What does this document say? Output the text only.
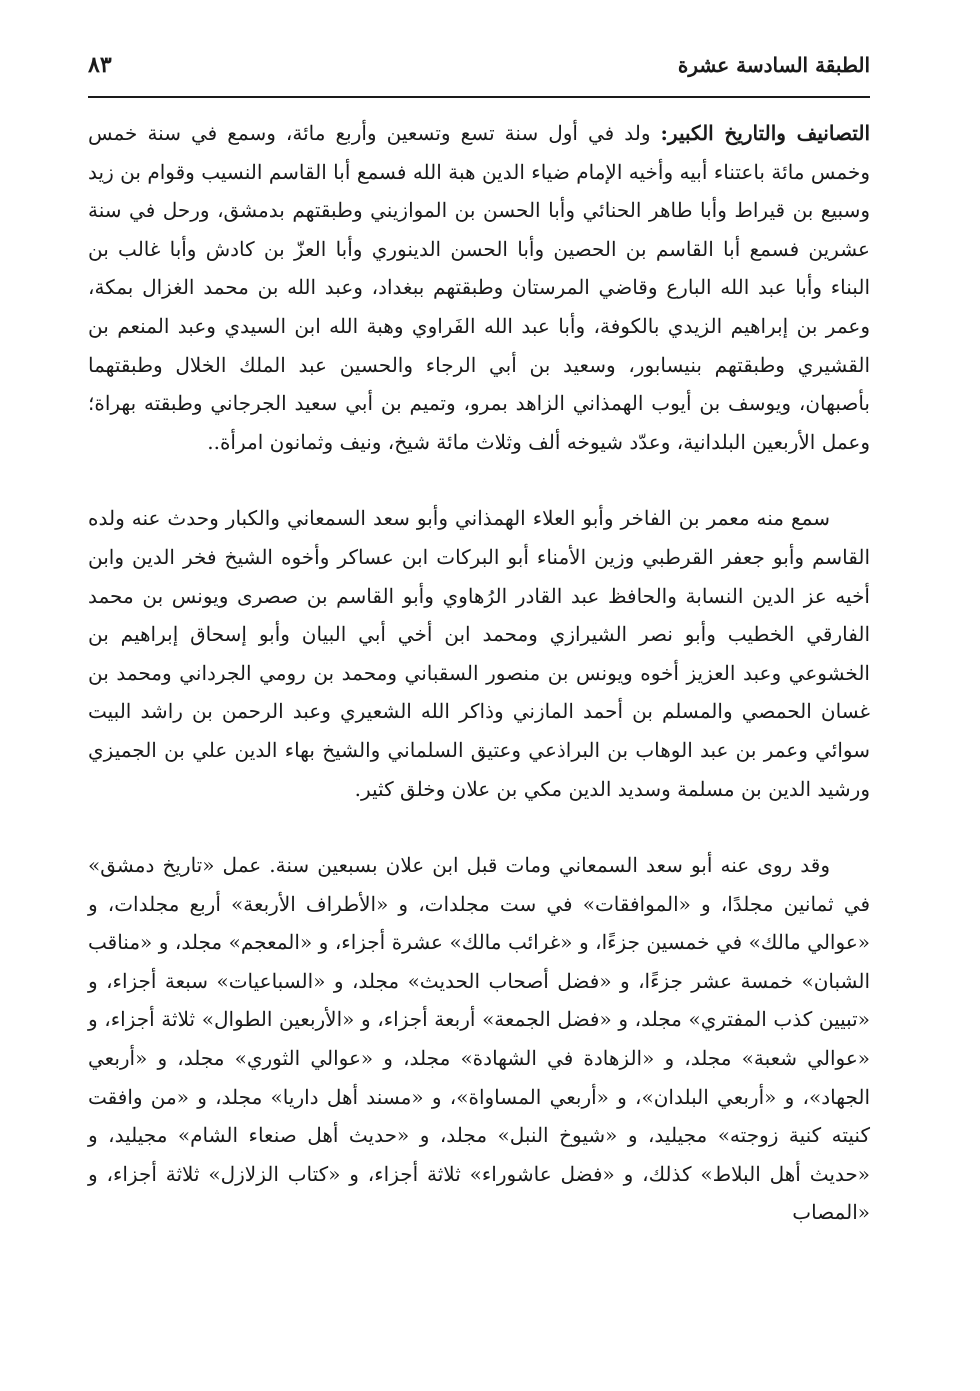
الطبقة السادسة عشرة
٨٣

التصانيف والتاريخ الكبير: ولد في أول سنة تسع وتسعين وأربع مائة، وسمع في سنة خمس وخمس مائة باعتناء أبيه وأخيه الإمام ضياء الدين هبة الله فسمع أبا القاسم النسيب وقوام بن زيد وسبيع بن قيراط وأبا طاهر الحنائي وأبا الحسن بن الموازيني وطبقتهم بدمشق، ورحل في سنة عشرين فسمع أبا القاسم بن الحصين وأبا الحسن الدينوري وأبا العزّ بن كادش وأبا غالب بن البناء وأبا عبد الله البارع وقاضي المرستان وطبقتهم ببغداد، وعبد الله بن محمد الغزال بمكة، وعمر بن إبراهيم الزيدي بالكوفة، وأبا عبد الله الفَراوي وهبة الله ابن السيدي وعبد المنعم بن القشيري وطبقتهم بنيسابور، وسعيد بن أبي الرجاء والحسين عبد الملك الخلال وطبقتهما بأصبهان، ويوسف بن أيوب الهمذاني الزاهد بمرو، وتميم بن أبي سعيد الجرجاني وطبقته بهراة؛ وعمل الأربعين البلدانية، وعدّد شيوخه ألف وثلاث مائة شيخ، ونيف وثمانون امرأة..

سمع منه معمر بن الفاخر وأبو العلاء الهمذاني وأبو سعد السمعاني والكبار وحدث عنه ولده القاسم وأبو جعفر القرطبي وزين الأمناء أبو البركات ابن عساكر وأخوه الشيخ فخر الدين وابن أخيه عز الدين النسابة والحافظ عبد القادر الرُهاوي وأبو القاسم بن صصرى ويونس بن محمد الفارقي الخطيب وأبو نصر الشيرازي ومحمد ابن أخي أبي البيان وأبو إسحاق إبراهيم بن الخشوعي وعبد العزيز أخوه ويونس بن منصور السقباني ومحمد بن رومي الجرداني ومحمد بن غسان الحمصي والمسلم بن أحمد المازني وذاكر الله الشعيري وعبد الرحمن بن راشد البيت سوائي وعمر بن عبد الوهاب بن البراذعي وعتيق السلماني والشيخ بهاء الدين علي بن الجميزي ورشيد الدين بن مسلمة وسديد الدين مكي بن علان وخلق كثير.

وقد روى عنه أبو سعد السمعاني ومات قبل ابن علان بسبعين سنة. عمل «تاريخ دمشق» في ثمانين مجلدًا، و «الموافقات» في ست مجلدات، و «الأطراف الأربعة» أربع مجلدات، و «عوالي مالك» في خمسين جزءًا، و «غرائب مالك» عشرة أجزاء، و «المعجم» مجلد، و «مناقب الشبان» خمسة عشر جزءًا، و «فضل أصحاب الحديث» مجلد، و «السباعيات» سبعة أجزاء، و «تبيين كذب المفتري» مجلد، و «فضل الجمعة» أربعة أجزاء، و «الأربعين الطوال» ثلاثة أجزاء، و «عوالي شعبة» مجلد، و «الزهادة في الشهادة» مجلد، و «عوالي الثوري» مجلد، و «أربعي الجهاد»، و «أربعي البلدان»، و «أربعي المساواة»، و «مسند أهل داريا» مجلد، و «من وافقت كنيته كنية زوجته» مجيليد، و «شيوخ النبل» مجلد، و «حديث أهل صنعاء الشام» مجيليد، و «حديث أهل البلاط» كذلك، و «فضل عاشوراء» ثلاثة أجزاء، و «كتاب الزلازل» ثلاثة أجزاء، و «المصاب
